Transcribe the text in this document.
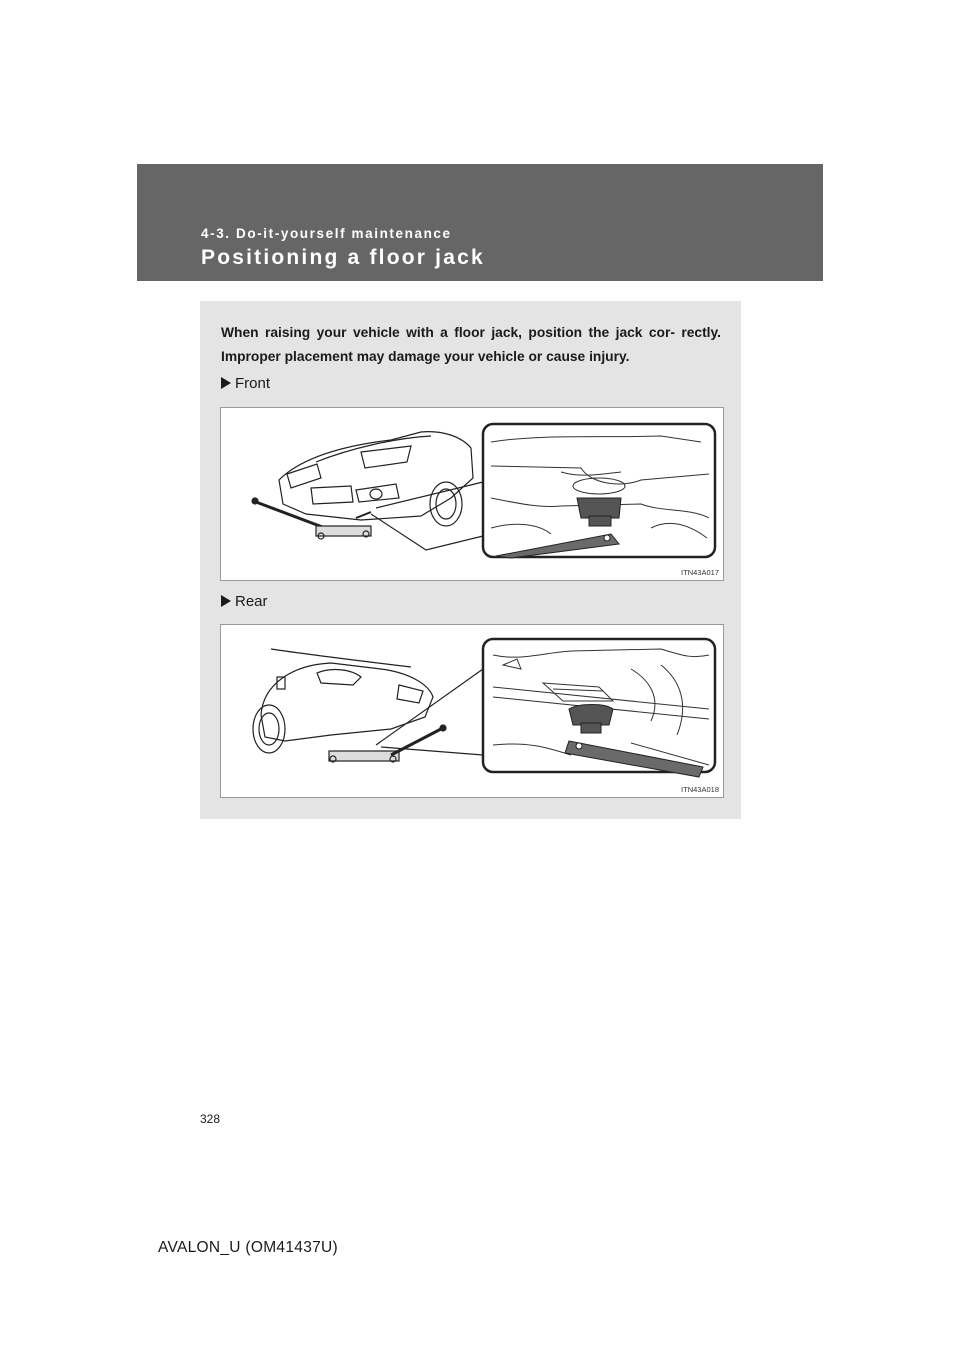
4-3. Do-it-yourself maintenance
Positioning a floor jack
When raising your vehicle with a floor jack, position the jack cor- rectly. Improper placement may damage your vehicle or cause injury.
Front
ITN43A017
Rear
ITN43A018
328
AVALON_U (OM41437U)
